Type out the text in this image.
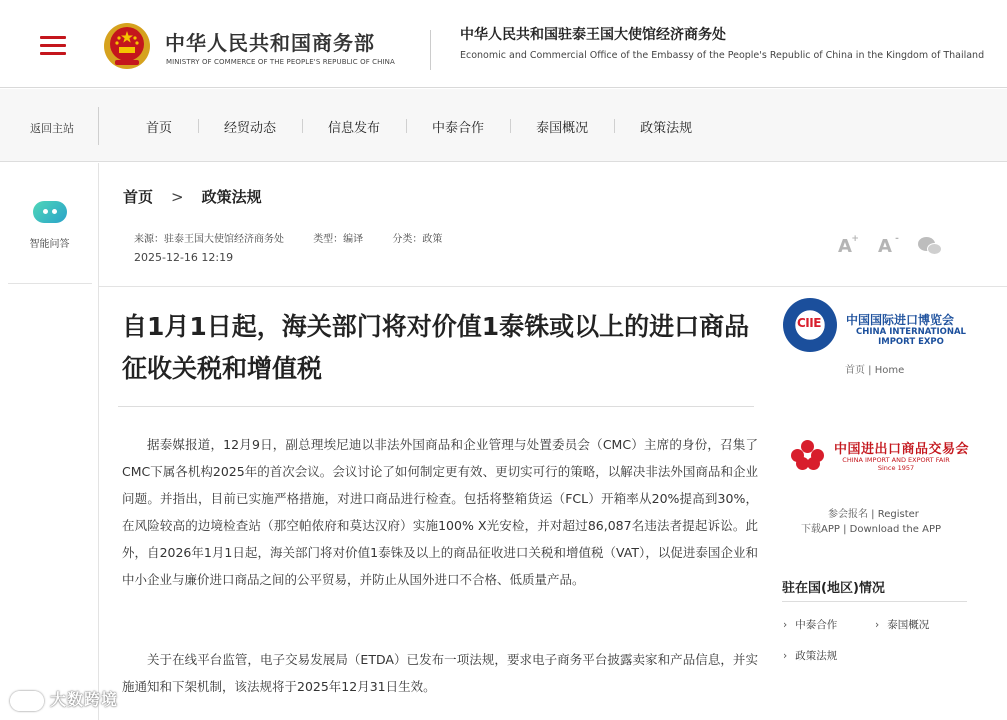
中华人民共和国商务部
MINISTRY OF COMMERCE OF THE PEOPLE'S REPUBLIC OF CHINA
中华人民共和国驻泰王国大使馆经济商务处
Economic and Commercial Office of the Embassy of the People's Republic of China in the Kingdom of Thailand
返回主站	首页	经贸动态	信息发布	中泰合作	泰国概况	政策法规
智能问答
首页 > 政策法规
来源：驻泰王国大使馆经济商务处	类型：编译	分类：政策
2025-12-16 12:19
A + A -
自1月1日起，海关部门将对价值1泰铢或以上的进口商品征收关税和增值税
据泰媒报道，12月9日，副总理埃尼迪以非法外国商品和企业管理与处置委员会（CMC）主席的身份，召集了CMC下属各机构2025年的首次会议。会议讨论了如何制定更有效、更切实可行的策略，以解决非法外国商品和企业问题。并指出，目前已实施严格措施，对进口商品进行检查。包括将整箱货运（FCL）开箱率从20%提高到30%，在风险较高的边境检查站（那空帕侬府和莫达汉府）实施100% X光安检，并对超过86,087名违法者提起诉讼。此外，自2026年1月1日起，海关部门将对价值1泰铢及以上的商品征收进口关税和增值税（VAT），以促进泰国企业和中小企业与廉价进口商品之间的公平贸易，并防止从国外进口不合格、低质量产品。
关于在线平台监管，电子交易发展局（ETDA）已发布一项法规，要求电子商务平台披露卖家和产品信息，并实施通知和下架机制，该法规将于2025年12月31日生效。
CIIE 中国国际进口博览会
CHINA INTERNATIONAL IMPORT EXPO
首页 | Home
中国进出口商品交易会
CHINA IMPORT AND EXPORT FAIR
Since 1957
参会报名 | Register
下载APP | Download the APP
驻在国(地区)情况
› 中泰合作	› 泰国概况
› 政策法规
大数跨境
